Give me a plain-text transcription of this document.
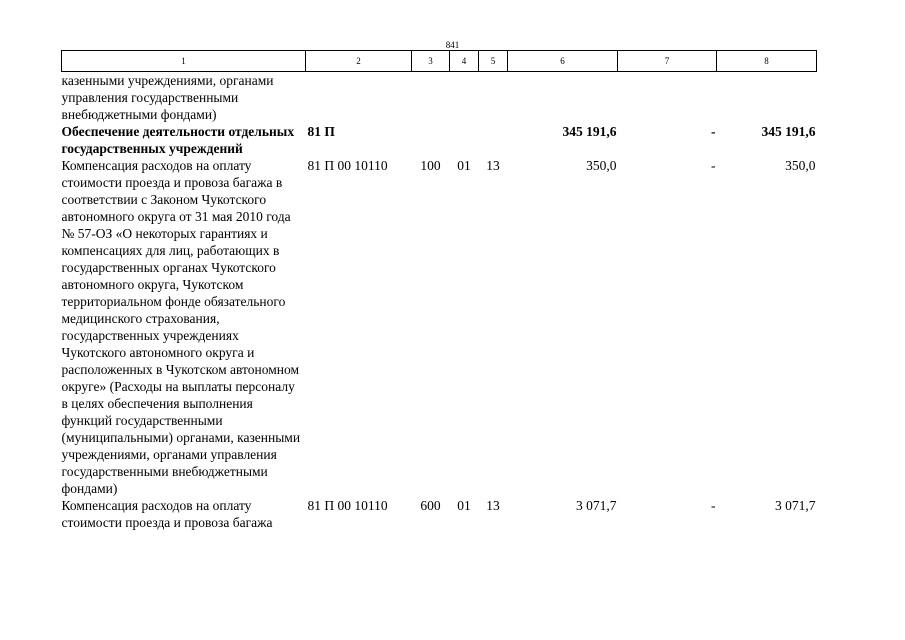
841
1	2	3	4	5	6	7	8
казенными учреждениями, органами управления государственными внебюджетными фондами)							
Обеспечение деятельности отдельных государственных учреждений	81 П				345 191,6	-	345 191,6
Компенсация расходов на оплату стоимости проезда и провоза багажа в соответствии с Законом Чукотского автономного округа от 31 мая 2010 года № 57-ОЗ «О некоторых гарантиях и компенсациях для лиц, работающих в государственных органах Чукотского автономного округа, Чукотском территориальном фонде обязательного медицинского страхования, государственных учреждениях Чукотского автономного округа и расположенных в Чукотском автономном округе» (Расходы на выплаты персоналу в целях обеспечения выполнения функций государственными (муниципальными) органами, казенными учреждениями, органами управления государственными внебюджетными фондами)	81 П 00 10110	100	01	13	350,0	-	350,0
Компенсация расходов на оплату стоимости проезда и провоза багажа	81 П 00 10110	600	01	13	3 071,7	-	3 071,7
